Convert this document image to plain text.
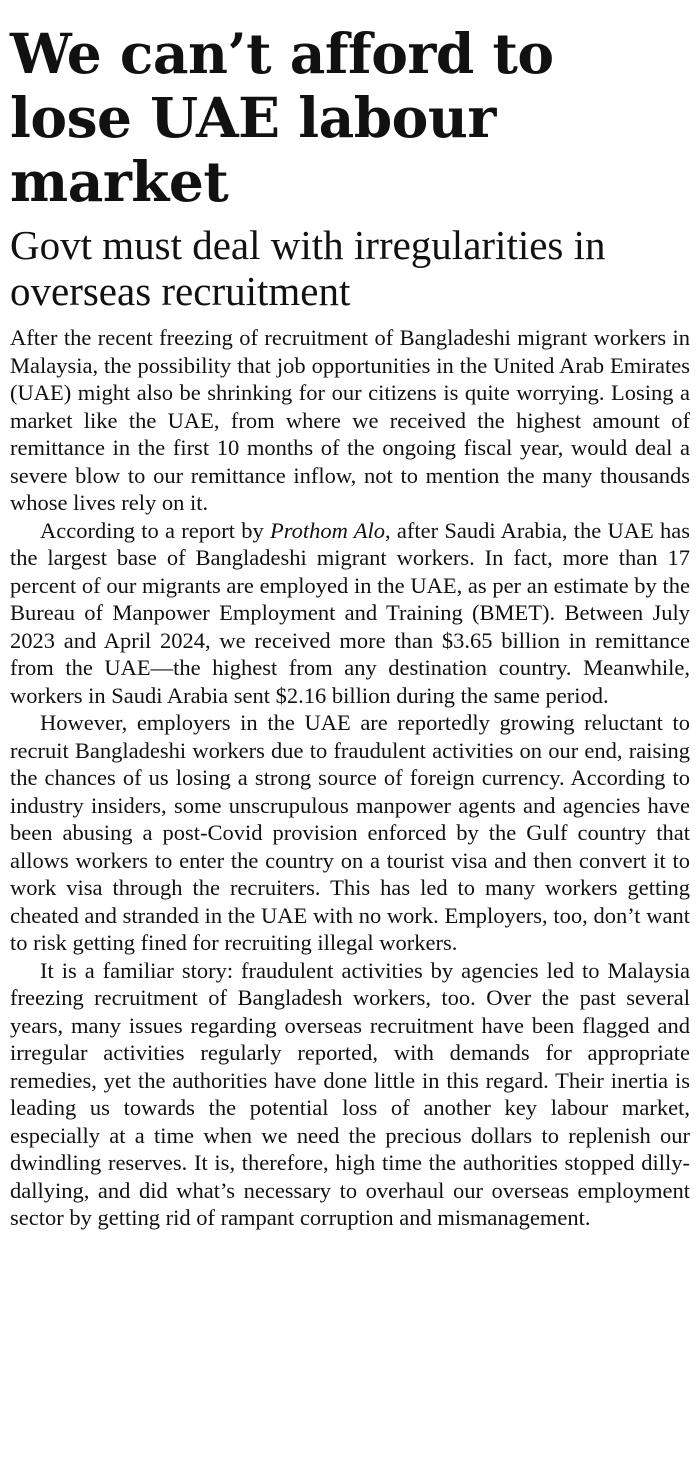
We can’t afford to lose UAE labour market
Govt must deal with irregularities in overseas recruitment

After the recent freezing of recruitment of Bangladeshi migrant workers in Malaysia, the possibility that job opportunities in the United Arab Emirates (UAE) might also be shrinking for our citizens is quite worrying. Losing a market like the UAE, from where we received the highest amount of remittance in the first 10 months of the ongoing fiscal year, would deal a severe blow to our remittance inflow, not to mention the many thousands whose lives rely on it.

According to a report by Prothom Alo, after Saudi Arabia, the UAE has the largest base of Bangladeshi migrant workers. In fact, more than 17 percent of our migrants are employed in the UAE, as per an estimate by the Bureau of Manpower Employment and Training (BMET). Between July 2023 and April 2024, we received more than $3.65 billion in remittance from the UAE—the highest from any destination country. Meanwhile, workers in Saudi Arabia sent $2.16 billion during the same period.

However, employers in the UAE are reportedly growing reluctant to recruit Bangladeshi workers due to fraudulent activities on our end, raising the chances of us losing a strong source of foreign currency. According to industry insiders, some unscrupulous manpower agents and agencies have been abusing a post-Covid provision enforced by the Gulf country that allows workers to enter the country on a tourist visa and then convert it to work visa through the recruiters. This has led to many workers getting cheated and stranded in the UAE with no work. Employers, too, don’t want to risk getting fined for recruiting illegal workers.

It is a familiar story: fraudulent activities by agencies led to Malaysia freezing recruitment of Bangladesh workers, too. Over the past several years, many issues regarding overseas recruitment have been flagged and irregular activities regularly reported, with demands for appropriate remedies, yet the authorities have done little in this regard. Their inertia is leading us towards the potential loss of another key labour market, especially at a time when we need the precious dollars to replenish our dwindling reserves. It is, therefore, high time the authorities stopped dilly-dallying, and did what’s necessary to overhaul our overseas employment sector by getting rid of rampant corruption and mismanagement.
